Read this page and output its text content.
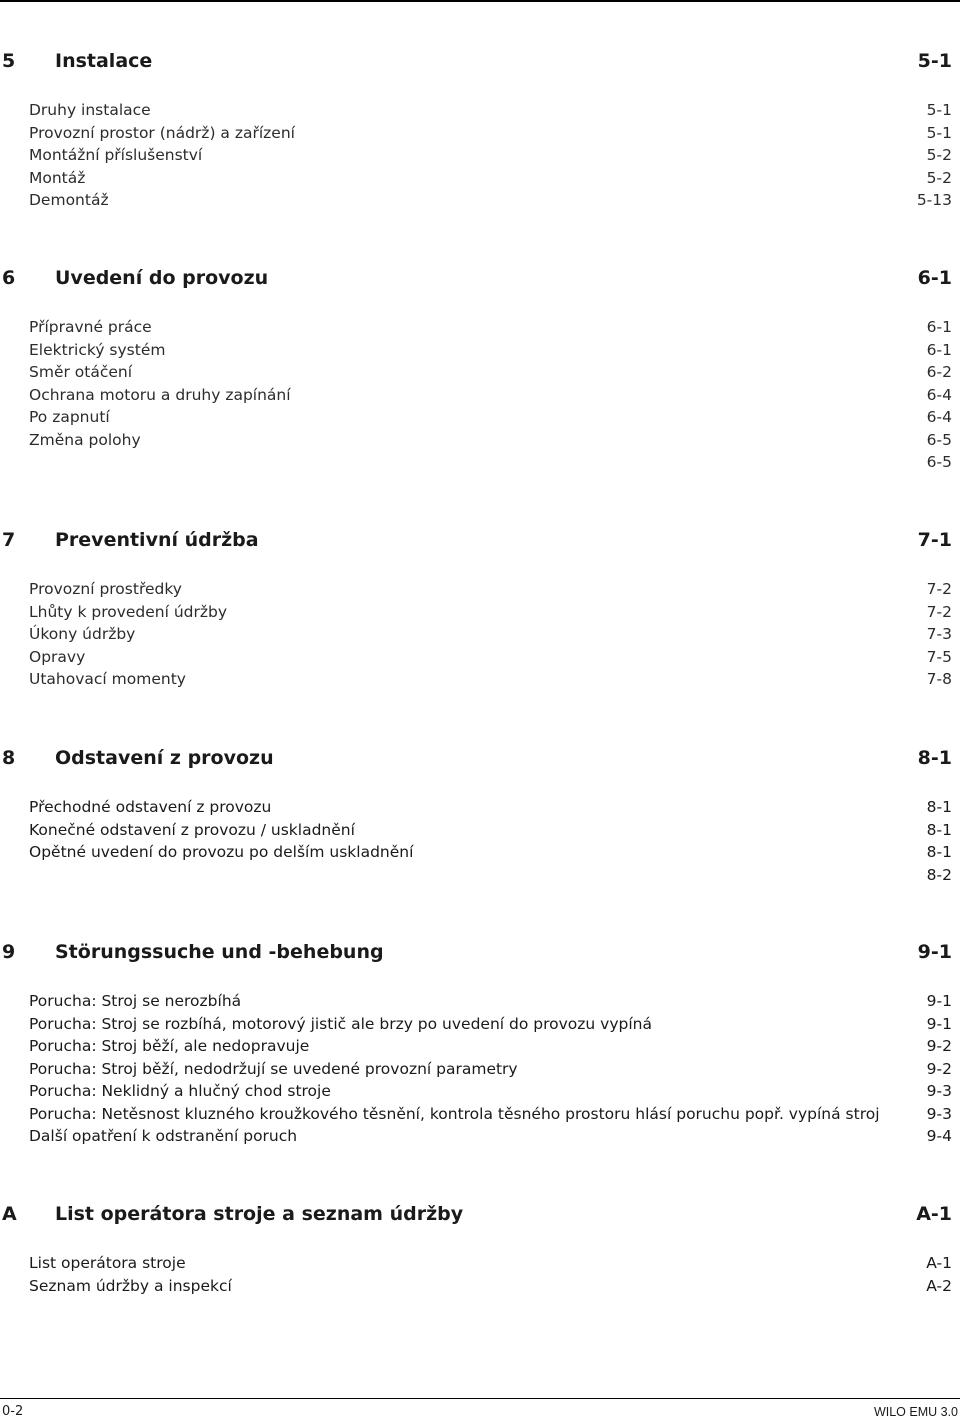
5 Instalace	5-1
Druhy instalace	5-1
Provozní prostor (nádrž) a zařízení	5-1
Montážní příslušenství	5-2
Montáž	5-2
Demontáž	5-13
6 Uvedení do provozu	6-1
Přípravné práce	6-1
Elektrický systém	6-1
Směr otáčení	6-2
Ochrana motoru a druhy zapínání	6-4
Po zapnutí	6-4
Změna polohy	6-5
6-5
7 Preventivní údržba	7-1
Provozní prostředky	7-2
Lhůty k provedení údržby	7-2
Úkony údržby	7-3
Opravy	7-5
Utahovací momenty	7-8
8 Odstavení z provozu	8-1
Přechodné odstavení z provozu	8-1
Konečné odstavení z provozu / uskladnění	8-1
Opětné uvedení do provozu po delším uskladnění	8-1
8-2
9 Störungssuche und -behebung	9-1
Porucha: Stroj se nerozbíhá	9-1
Porucha: Stroj se rozbíhá, motorový jistič ale brzy po uvedení do provozu vypíná	9-1
Porucha: Stroj běží, ale nedopravuje	9-2
Porucha: Stroj běží, nedodržují se uvedené provozní parametry	9-2
Porucha: Neklidný a hlučný chod stroje	9-3
Porucha: Netěsnost kluzného kroužkového těsnění, kontrola těsného prostoru hlásí poruchu popř. vypíná stroj	9-3
Další opatření k odstranění poruch	9-4
A List operátora stroje a seznam údržby	A-1
List operátora stroje	A-1
Seznam údržby a inspekcí	A-2
0-2	WILO EMU 3.0
